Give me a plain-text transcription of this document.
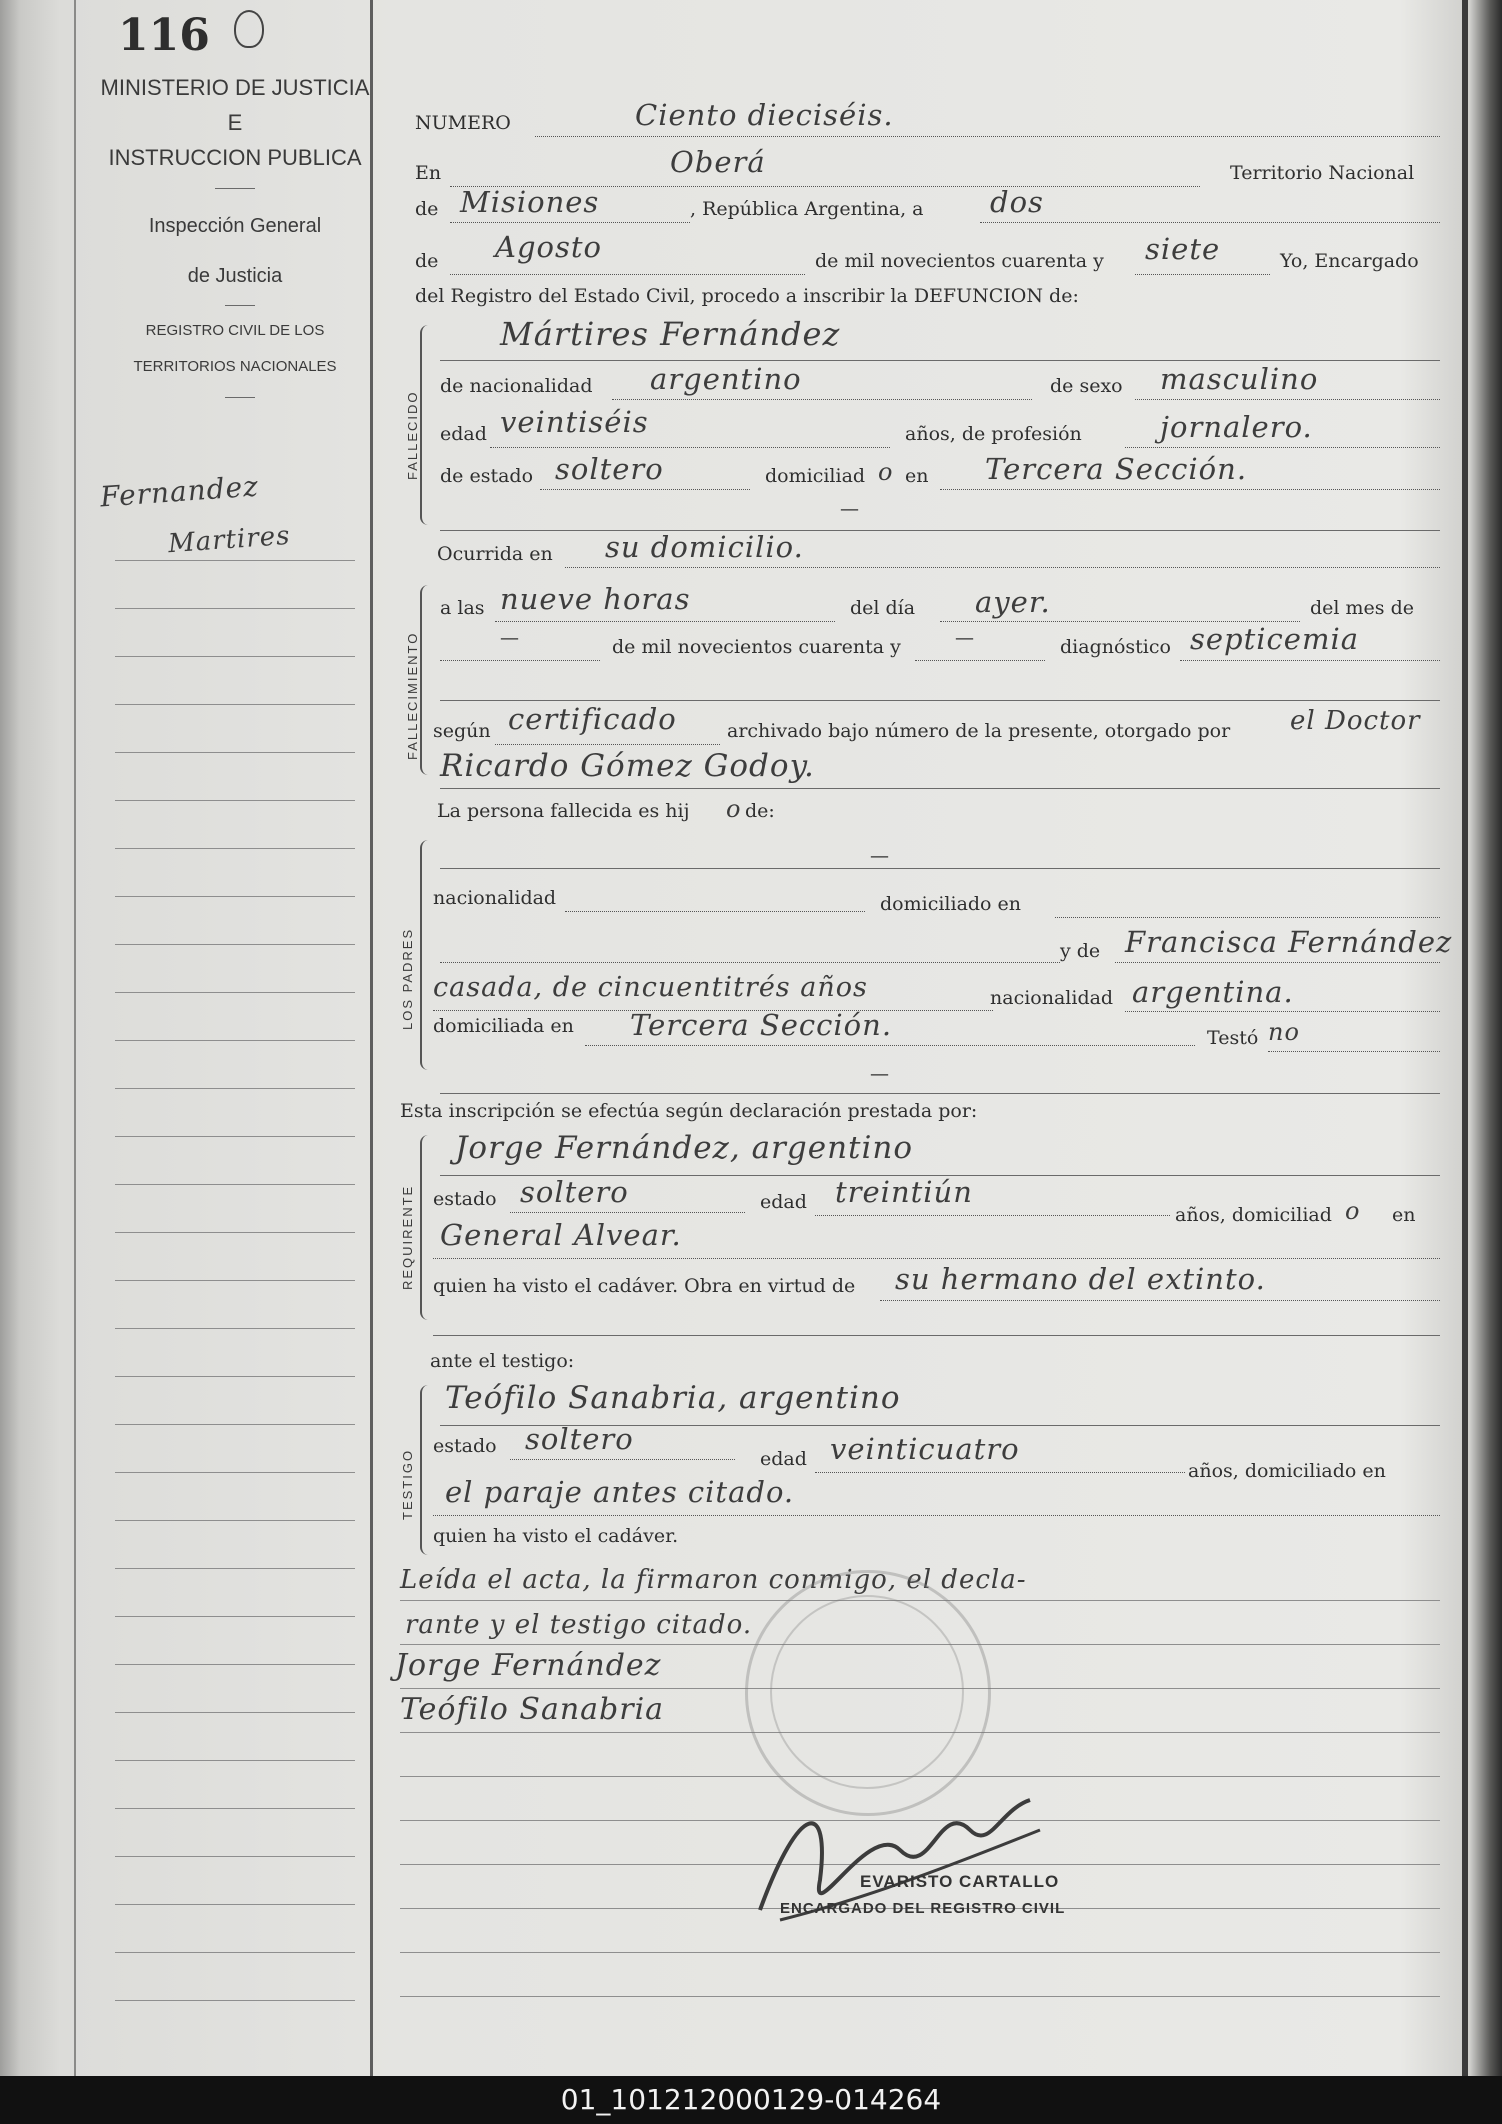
116
MINISTERIO DE JUSTICIA
E
INSTRUCCION PUBLICA
Inspección General
de Justicia
REGISTRO CIVIL DE LOS
TERRITORIOS NACIONALES
Fernandez
Martires
NUMERO	Ciento dieciséis.
En	Oberá	Territorio Nacional
de Misiones	, República Argentina, a dos
de Agosto	de mil novecientos cuarenta y siete	Yo, Encargado
del Registro del Estado Civil, procedo a inscribir la DEFUNCION de:
FALLECIDO
Mártires Fernández
de nacionalidad argentino	de sexo masculino
edad veintiséis	años, de profesión	jornalero.
de estado soltero	domiciliad o en Tercera Sección.
—
Ocurrida en su domicilio.
FALLECIMIENTO
a las nueve horas	del día ayer.	del mes de
—	de mil novecientos cuarenta y	—	diagnóstico septicemia
según certificado	archivado bajo número de la presente, otorgado por el Doctor
Ricardo Gómez Godoy.
La persona fallecida es hij o de:
LOS PADRES
—
nacionalidad	domiciliado en
y de Francisca Fernández
casada, de cincuentitrés años	nacionalidad argentina.
domiciliada en Tercera Sección.	Testó no
—
Esta inscripción se efectúa según declaración prestada por:
REQUIRENTE
Jorge Fernández, argentino
estado soltero	edad treintiún
años, domiciliad o en
General Alvear.
quien ha visto el cadáver. Obra en virtud de su hermano del extinto.
ante el testigo:
TESTIGO
Teófilo Sanabria, argentino
estado soltero
edad veinticuatro
años, domiciliado en
el paraje antes citado.
quien ha visto el cadáver.
Leída el acta, la firmaron conmigo, el decla-
rante y el testigo citado.
Jorge Fernández
Teófilo Sanabria
EVARISTO CARTALLO
ENCARGADO DEL REGISTRO CIVIL
01_101212000129-014264
